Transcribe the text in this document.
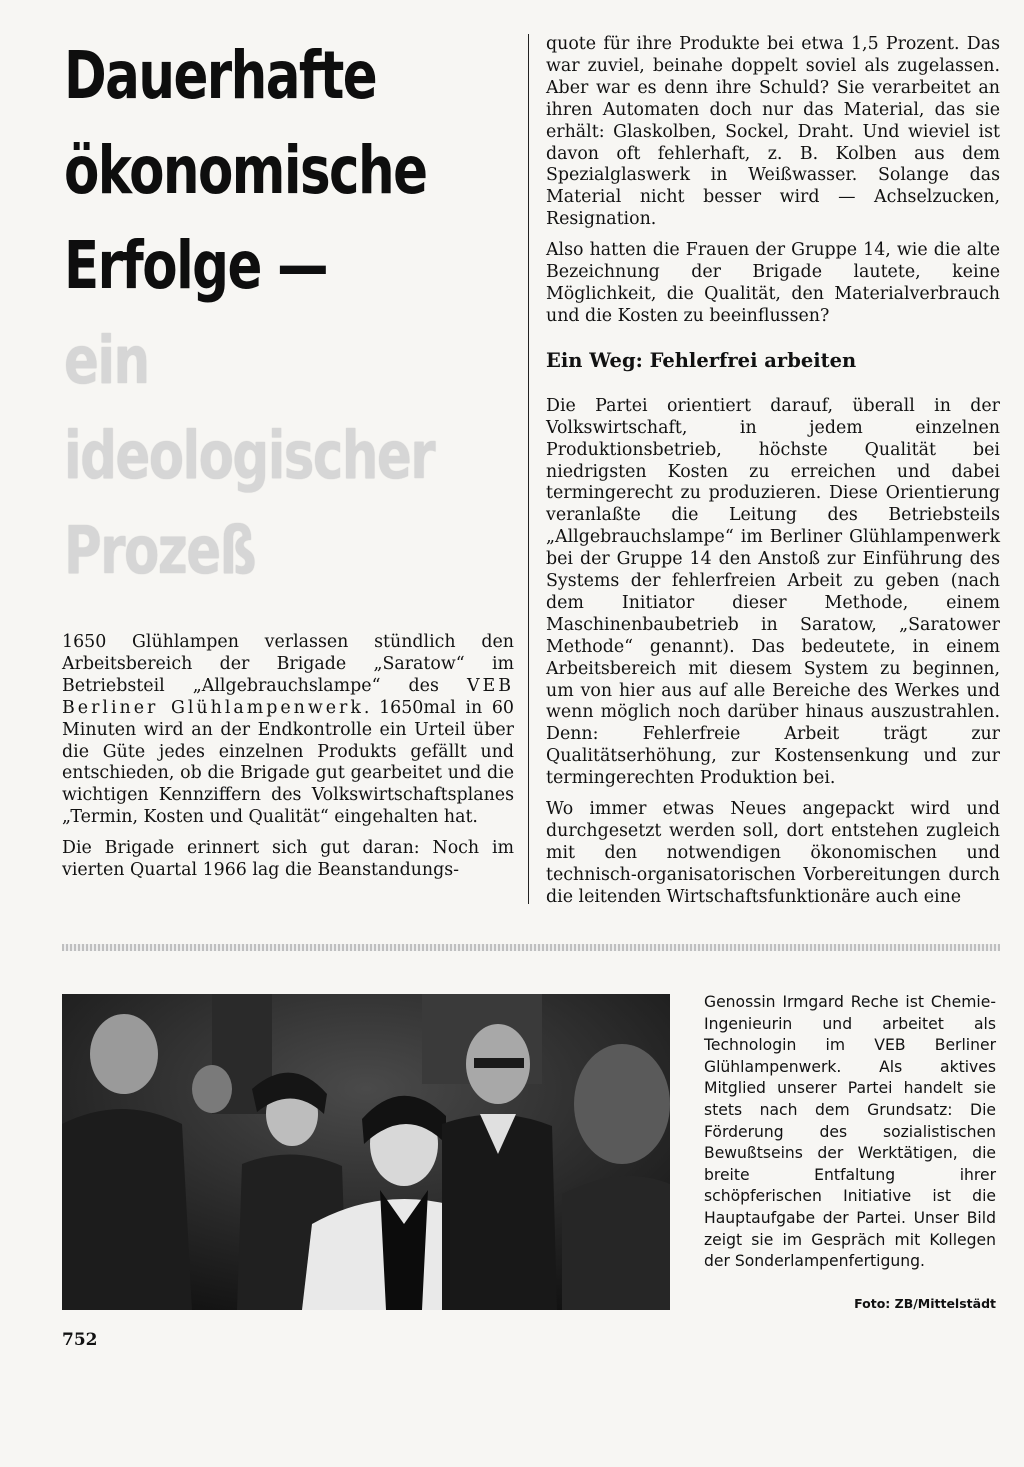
Dauerhafte
ökonomische
Erfolge —
ein
ideologischer
Prozeß

1650 Glühlampen verlassen stündlich den Arbeitsbereich der Brigade „Saratow“ im Betriebsteil „Allgebrauchslampe“ des VEB Berliner Glühlampenwerk. 1650mal in 60 Minuten wird an der Endkontrolle ein Urteil über die Güte jedes einzelnen Produkts gefällt und entschieden, ob die Brigade gut gearbeitet und die wichtigen Kennziffern des Volkswirtschaftsplanes „Termin, Kosten und Qualität“ eingehalten hat.

Die Brigade erinnert sich gut daran: Noch im vierten Quartal 1966 lag die Beanstandungs-

quote für ihre Produkte bei etwa 1,5 Prozent. Das war zuviel, beinahe doppelt soviel als zugelassen. Aber war es denn ihre Schuld? Sie verarbeitet an ihren Automaten doch nur das Material, das sie erhält: Glaskolben, Sockel, Draht. Und wieviel ist davon oft fehlerhaft, z. B. Kolben aus dem Spezialglaswerk in Weißwasser. Solange das Material nicht besser wird — Achselzucken, Resignation.

Also hatten die Frauen der Gruppe 14, wie die alte Bezeichnung der Brigade lautete, keine Möglichkeit, die Qualität, den Materialverbrauch und die Kosten zu beeinflussen?

Ein Weg: Fehlerfrei arbeiten

Die Partei orientiert darauf, überall in der Volkswirtschaft, in jedem einzelnen Produktionsbetrieb, höchste Qualität bei niedrigsten Kosten zu erreichen und dabei termingerecht zu produzieren. Diese Orientierung veranlaßte die Leitung des Betriebsteils „Allgebrauchslampe“ im Berliner Glühlampenwerk bei der Gruppe 14 den Anstoß zur Einführung des Systems der fehlerfreien Arbeit zu geben (nach dem Initiator dieser Methode, einem Maschinenbaubetrieb in Saratow, „Saratower Methode“ genannt). Das bedeutete, in einem Arbeitsbereich mit diesem System zu beginnen, um von hier aus auf alle Bereiche des Werkes und wenn möglich noch darüber hinaus auszustrahlen. Denn: Fehlerfreie Arbeit trägt zur Qualitätserhöhung, zur Kostensenkung und zur termingerechten Produktion bei.

Wo immer etwas Neues angepackt wird und durchgesetzt werden soll, dort entstehen zugleich mit den notwendigen ökonomischen und technisch-organisatorischen Vorbereitungen durch die leitenden Wirtschaftsfunktionäre auch eine

Genossin Irmgard Reche ist Chemie-Ingenieurin und arbeitet als Technologin im VEB Berliner Glühlampenwerk. Als aktives Mitglied unserer Partei handelt sie stets nach dem Grundsatz: Die Förderung des sozialistischen Bewußtseins der Werktätigen, die breite Entfaltung ihrer schöpferischen Initiative ist die Hauptaufgabe der Partei. Unser Bild zeigt sie im Gespräch mit Kollegen der Sonderlampenfertigung.
Foto: ZB/Mittelstädt
752
